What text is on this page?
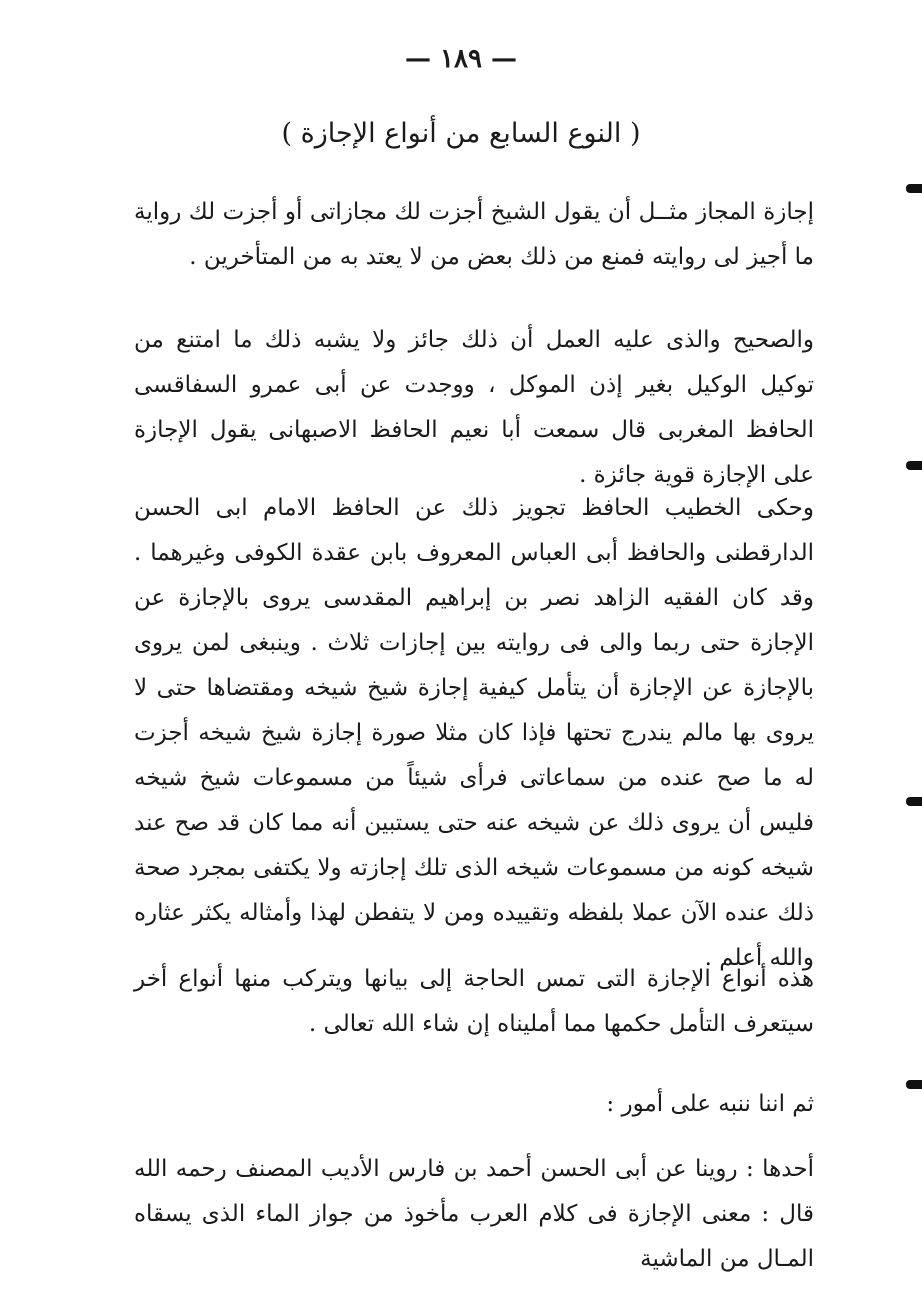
— ١٨٩ —
( النوع السابع من أنواع الإجازة )

إجازة المجاز مثــل أن يقول الشيخ أجزت لك مجازاتى أو أجزت لك رواية ما أجيز لى روايته فمنع من ذلك بعض من لا يعتد به من المتأخرين .

والصحيح والذى عليه العمل أن ذلك جائز ولا يشبه ذلك ما امتنع من توكيل الوكيل بغير إذن الموكل ، ووجدت عن أبى عمرو السفاقسى الحافظ المغربى قال سمعت أبا نعيم الحافظ الاصبهانى يقول الإجازة على الإجازة قوية جائزة .

وحكى الخطيب الحافظ تجويز ذلك عن الحافظ الامام ابى الحسن الدارقطنى والحافظ أبى العباس المعروف بابن عقدة الكوفى وغيرهما . وقد كان الفقيه الزاهد نصر بن إبراهيم المقدسى يروى بالإجازة عن الإجازة حتى ربما والى فى روايته بين إجازات ثلاث . وينبغى لمن يروى بالإجازة عن الإجازة أن يتأمل كيفية إجازة شيخ شيخه ومقتضاها حتى لا يروى بها مالم يندرج تحتها فإذا كان مثلا صورة إجازة شيخ شيخه أجزت له ما صح عنده من سماعاتى فرأى شيئاً من مسموعات شيخ شيخه فليس أن يروى ذلك عن شيخه عنه حتى يستبين أنه مما كان قد صح عند شيخه كونه من مسموعات شيخه الذى تلك إجازته ولا يكتفى بمجرد صحة ذلك عنده الآن عملا بلفظه وتقييده ومن لا يتفطن لهذا وأمثاله يكثر عثاره والله أعلم .

هذه أنواع الإجازة التى تمس الحاجة إلى بيانها ويتركب منها أنواع أخر سيتعرف التأمل حكمها مما أمليناه إن شاء الله تعالى .

ثم اننا ننبه على أمور :

أحدها : روينا عن أبى الحسن أحمد بن فارس الأديب المصنف رحمه الله قال : معنى الإجازة فى كلام العرب مأخوذ من جواز الماء الذى يسقاه المـال من الماشية
